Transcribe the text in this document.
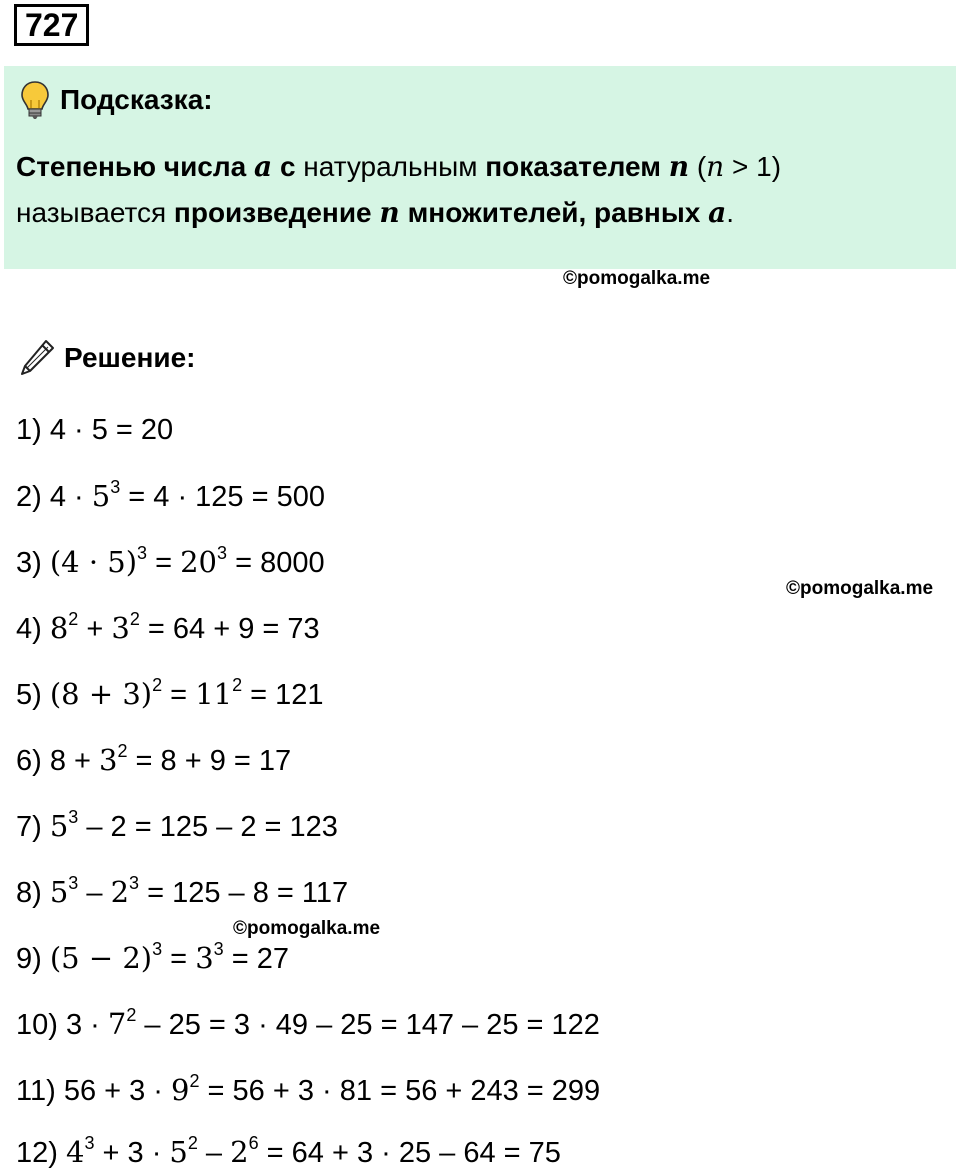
727
Подсказка:
Степенью числа a с натуральным показателем n (n > 1)
называется произведение n множителей, равных a.
©pomogalka.me
©pomogalka.me
©pomogalka.me
Решение:
1) 4 · 5 = 20
2) $4 \cdot 5^3 = 4 \cdot 125 = 500$
3) $(4 \cdot 5)^3 = 20^3 = 8000$
4) $8^2 + 3^2 = 64 + 9 = 73$
5) $(8 + 3)^2 = 11^2 = 121$
6) $8 + 3^2 = 8 + 9 = 17$
7) $5^3 - 2 = 125 - 2 = 123$
8) $5^3 - 2^3 = 125 - 8 = 117$
9) $(5 - 2)^3 = 3^3 = 27$
10) $3 \cdot 7^2 - 25 = 3 \cdot 49 - 25 = 147 - 25 = 122$
11) $56 + 3 \cdot 9^2 = 56 + 3 \cdot 81 = 56 + 243 = 299$
12) $4^3 + 3 \cdot 5^2 - 2^6 = 64 + 3 \cdot 25 - 64 = 75$
